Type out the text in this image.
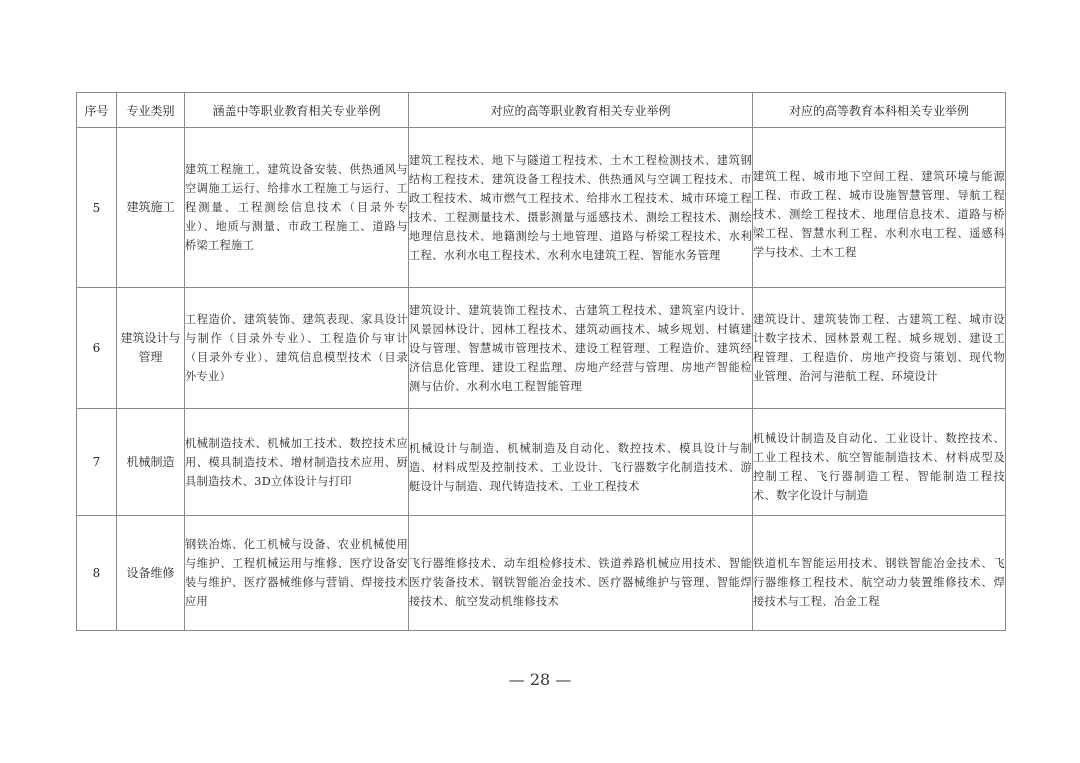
序号	专业类别	涵盖中等职业教育相关专业举例	对应的高等职业教育相关专业举例	对应的高等教育本科相关专业举例
5	建筑施工	建筑工程施工、建筑设备安装、供热通风与空调施工运行、给排水工程施工与运行、工程测量、工程测绘信息技术（目录外专业）、地质与测量、市政工程施工、道路与桥梁工程施工	建筑工程技术、地下与隧道工程技术、土木工程检测技术、建筑钢结构工程技术、建筑设备工程技术、供热通风与空调工程技术、市政工程技术、城市燃气工程技术、给排水工程技术、城市环境工程技术、工程测量技术、摄影测量与遥感技术、测绘工程技术、测绘地理信息技术、地籍测绘与土地管理、道路与桥梁工程技术、水利工程、水利水电工程技术、水利水电建筑工程、智能水务管理	建筑工程、城市地下空间工程、建筑环境与能源工程、市政工程、城市设施智慧管理、导航工程技术、测绘工程技术、地理信息技术、道路与桥梁工程、智慧水利工程、水利水电工程、遥感科学与技术、土木工程
6	建筑设计与管理	工程造价、建筑装饰、建筑表现、家具设计与制作（目录外专业）、工程造价与审计（目录外专业）、建筑信息模型技术（目录外专业）	建筑设计、建筑装饰工程技术、古建筑工程技术、建筑室内设计、风景园林设计、园林工程技术、建筑动画技术、城乡规划、村镇建设与管理、智慧城市管理技术、建设工程管理、工程造价、建筑经济信息化管理、建设工程监理、房地产经营与管理、房地产智能检测与估价、水利水电工程智能管理	建筑设计、建筑装饰工程、古建筑工程、城市设计数字技术、园林景观工程、城乡规划、建设工程管理、工程造价、房地产投资与策划、现代物业管理、治河与港航工程、环境设计
7	机械制造	机械制造技术、机械加工技术、数控技术应用、模具制造技术、增材制造技术应用、厨具制造技术、3D立体设计与打印	机械设计与制造、机械制造及自动化、数控技术、模具设计与制造、材料成型及控制技术、工业设计、飞行器数字化制造技术、游艇设计与制造、现代铸造技术、工业工程技术	机械设计制造及自动化、工业设计、数控技术、工业工程技术、航空智能制造技术、材料成型及控制工程、飞行器制造工程、智能制造工程技术、数字化设计与制造
8	设备维修	钢铁冶炼、化工机械与设备、农业机械使用与维护、工程机械运用与维修、医疗设备安装与维护、医疗器械维修与营销、焊接技术应用	飞行器维修技术、动车组检修技术、铁道养路机械应用技术、智能医疗装备技术、钢铁智能冶金技术、医疗器械维护与管理、智能焊接技术、航空发动机维修技术	铁道机车智能运用技术、钢铁智能冶金技术、飞行器维修工程技术、航空动力装置维修技术、焊接技术与工程、冶金工程
— 28 —
